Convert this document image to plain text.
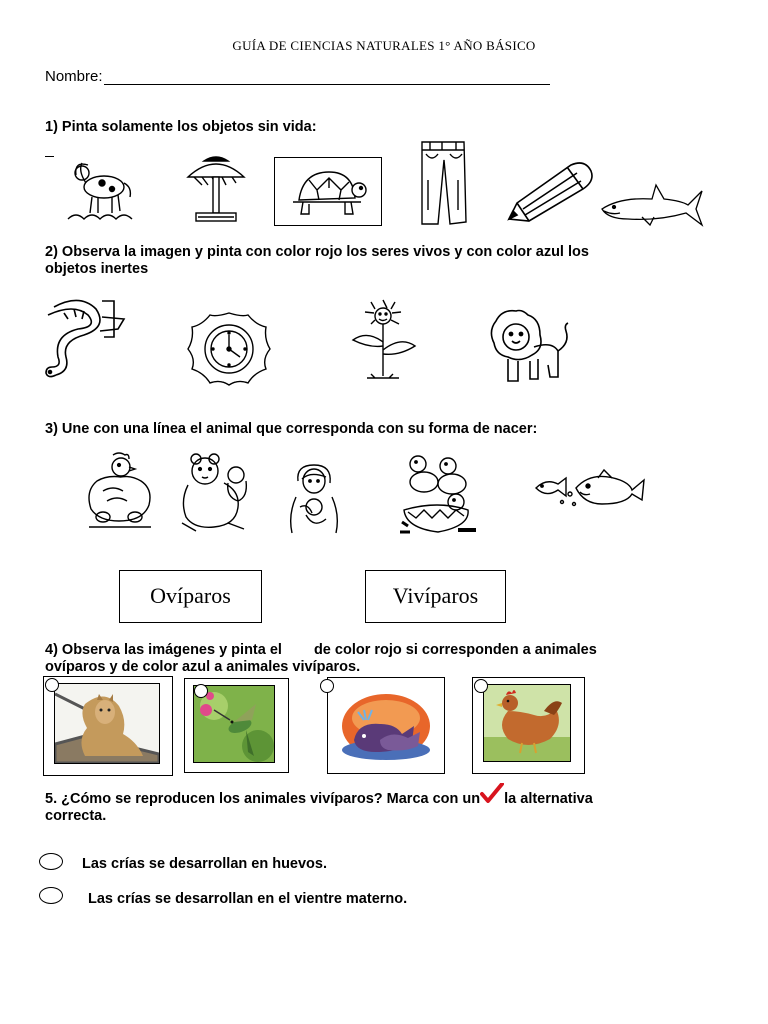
GUÍA DE CIENCIAS NATURALES 1° AÑO BÁSICO
Nombre:
1) Pinta solamente los objetos sin vida:
2) Observa la imagen y pinta con color rojo los seres vivos y con color azul los
objetos inertes
3) Une con una línea el animal que corresponda con su forma de nacer:
Ovíparos	Vivíparos
4) Observa las imágenes y pinta el de color rojo si corresponden a animales
ovíparos y de color azul a animales vivíparos.
5. ¿Cómo se reproducen los animales vivíparos? Marca con un la alternativa
correcta.
Las crías se desarrollan en huevos.
Las crías se desarrollan en el vientre materno.
